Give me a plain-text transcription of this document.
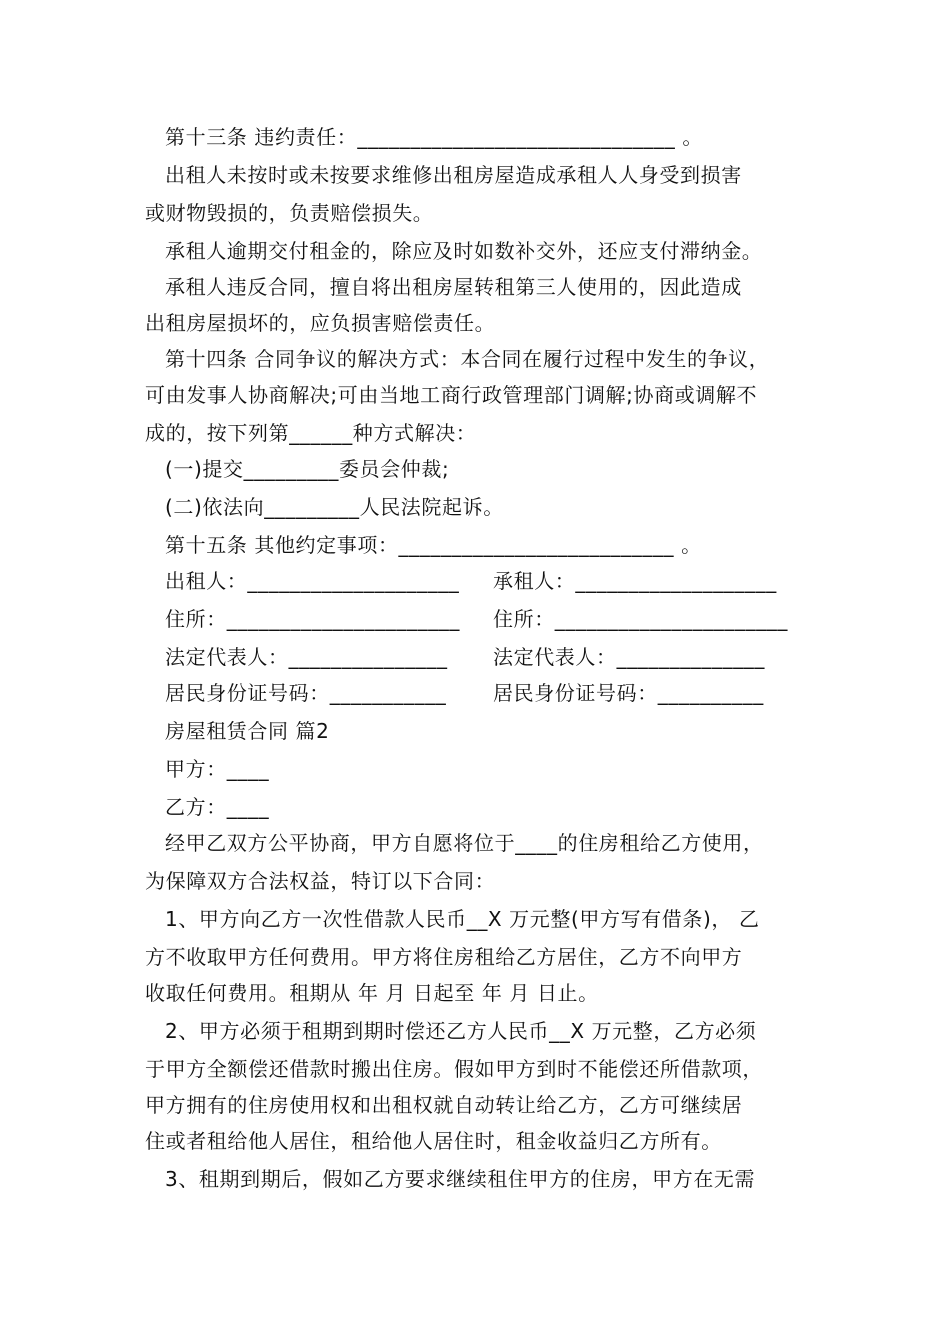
第十三条 违约责任：______________________________ 。
出租人未按时或未按要求维修出租房屋造成承租人人身受到损害
或财物毁损的，负责赔偿损失。
承租人逾期交付租金的，除应及时如数补交外，还应支付滞纳金。
承租人违反合同，擅自将出租房屋转租第三人使用的，因此造成
出租房屋损坏的，应负损害赔偿责任。
第十四条 合同争议的解决方式：本合同在履行过程中发生的争议，
可由发事人协商解决;可由当地工商行政管理部门调解;协商或调解不
成的，按下列第______种方式解决：
(一)提交_________委员会仲裁;
(二)依法向_________人民法院起诉。
第十五条 其他约定事项：__________________________ 。
出租人：____________________ 承租人：___________________
住所：______________________ 住所：______________________
法定代表人：_______________ 法定代表人：______________
居民身份证号码：___________ 居民身份证号码：__________
房屋租赁合同 篇2
甲方：____
乙方：____
经甲乙双方公平协商，甲方自愿将位于____的住房租给乙方使用，
为保障双方合法权益，特订以下合同：
1、甲方向乙方一次性借款人民币__X 万元整(甲方写有借条)， 乙
方不收取甲方任何费用。甲方将住房租给乙方居住，乙方不向甲方
收取任何费用。租期从 年 月 日起至 年 月 日止。
2、甲方必须于租期到期时偿还乙方人民币__X 万元整，乙方必须
于甲方全额偿还借款时搬出住房。假如甲方到时不能偿还所借款项，
甲方拥有的住房使用权和出租权就自动转让给乙方，乙方可继续居
住或者租给他人居住，租给他人居住时，租金收益归乙方所有。
3、租期到期后，假如乙方要求继续租住甲方的住房，甲方在无需
